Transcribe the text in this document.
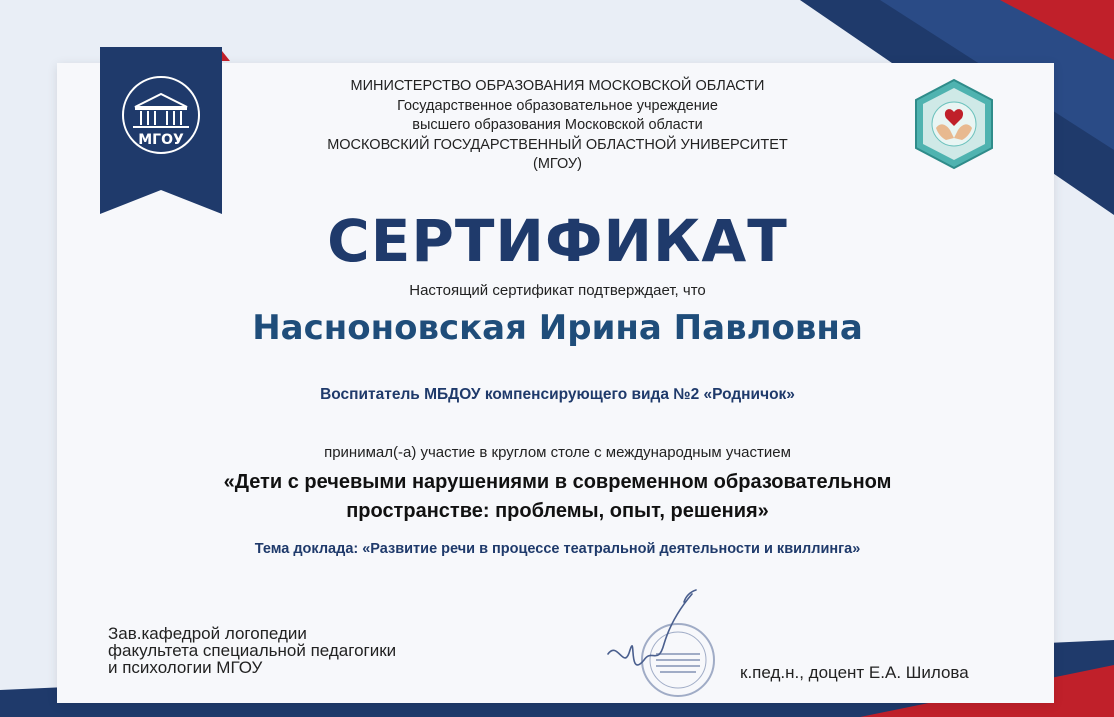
МГОУ
МИНИСТЕРСТВО ОБРАЗОВАНИЯ МОСКОВСКОЙ ОБЛАСТИ
Государственное образовательное учреждение
высшего образования Московской области
МОСКОВСКИЙ ГОСУДАРСТВЕННЫЙ ОБЛАСТНОЙ УНИВЕРСИТЕТ
(МГОУ)
СЕРТИФИКАТ
Настоящий сертификат подтверждает, что
Насноновская Ирина Павловна
Воспитатель МБДОУ компенсирующего вида №2 «Родничок»
принимал(-а) участие в круглом столе с международным участием
«Дети с речевыми нарушениями в современном образовательном
пространстве: проблемы, опыт, решения»
Тема доклада: «Развитие речи в процессе театральной деятельности и квиллинга»
Зав.кафедрой логопедии
факультета специальной педагогики
и психологии МГОУ	к.пед.н., доцент Е.А. Шилова
